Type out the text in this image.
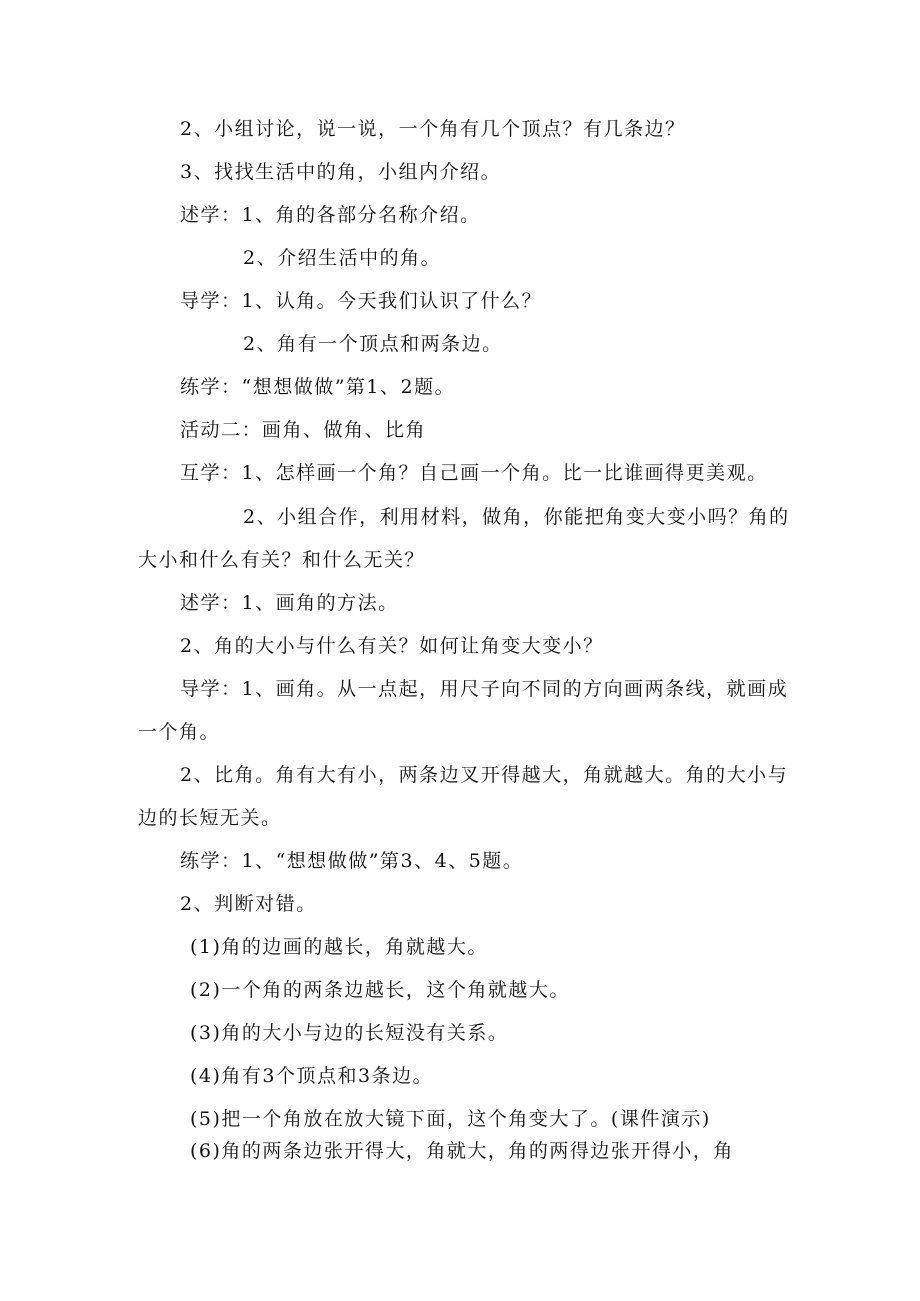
2、小组讨论，说一说，一个角有几个顶点？有几条边？
3、找找生活中的角，小组内介绍。
述学：1、角的各部分名称介绍。
2、介绍生活中的角。
导学：1、认角。今天我们认识了什么？
2、角有一个顶点和两条边。
练学：“想想做做”第1、2题。
活动二：画角、做角、比角
互学：1、怎样画一个角？自己画一个角。比一比谁画得更美观。
2、小组合作，利用材料，做角，你能把角变大变小吗？角的
大小和什么有关？和什么无关？
述学：1、画角的方法。
2、角的大小与什么有关？如何让角变大变小？
导学：1、画角。从一点起，用尺子向不同的方向画两条线，就画成
一个角。
2、比角。角有大有小，两条边叉开得越大，角就越大。角的大小与
边的长短无关。
练学：1、“想想做做”第3、4、5题。
2、判断对错。
(1)角的边画的越长，角就越大。
(2)一个角的两条边越长，这个角就越大。
(3)角的大小与边的长短没有关系。
(4)角有3个顶点和3条边。
(5)把一个角放在放大镜下面，这个角变大了。(课件演示)
(6)角的两条边张开得大，角就大，角的两得边张开得小，角
